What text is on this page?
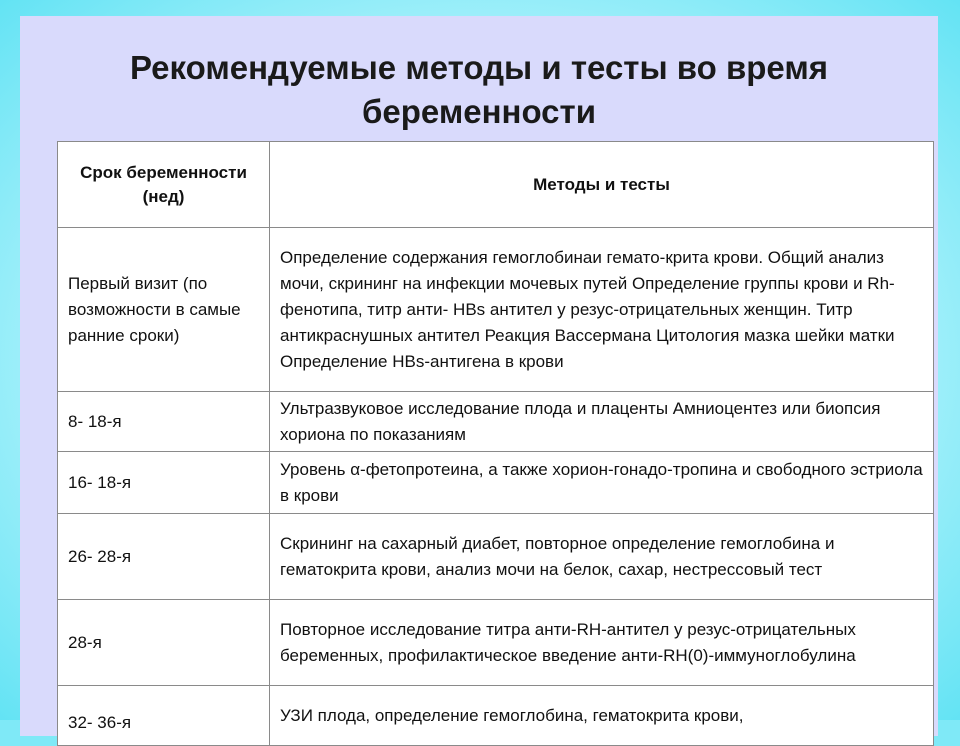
Рекомендуемые методы и тесты во время беременности
Срок беременности (нед)	Методы и тесты
Первый визит (по возможности в самые ранние сроки)	Определение содержания гемоглобинаи гемато-крита крови. Общий анализ мочи, скрининг на инфекции мочевых путей Определение группы крови и Rh-фенотипа, титр анти- HBs антител у резус-отрицательных женщин. Титр антикраснушных антител Реакция Вассермана Цитология мазка шейки матки Определение HBs-антигена в крови
8- 18-я	Ультразвуковое исследование плода и плаценты Амниоцентез или биопсия хориона по показаниям
16- 18-я	Уровень α-фетопротеина, а также хорион-гонадо-тропина и свободного эстриола в крови
26- 28-я	Скрининг на сахарный диабет, повторное определение гемоглобина и гематокрита крови, анализ мочи на белок, сахар, нестрессовый тест
28-я	Повторное исследование титра анти-RH-антител у резус-отрицательных беременных, профилактическое введение анти-RH(0)-иммуноглобулина
32- 36-я	УЗИ плода, определение гемоглобина, гематокрита крови,
